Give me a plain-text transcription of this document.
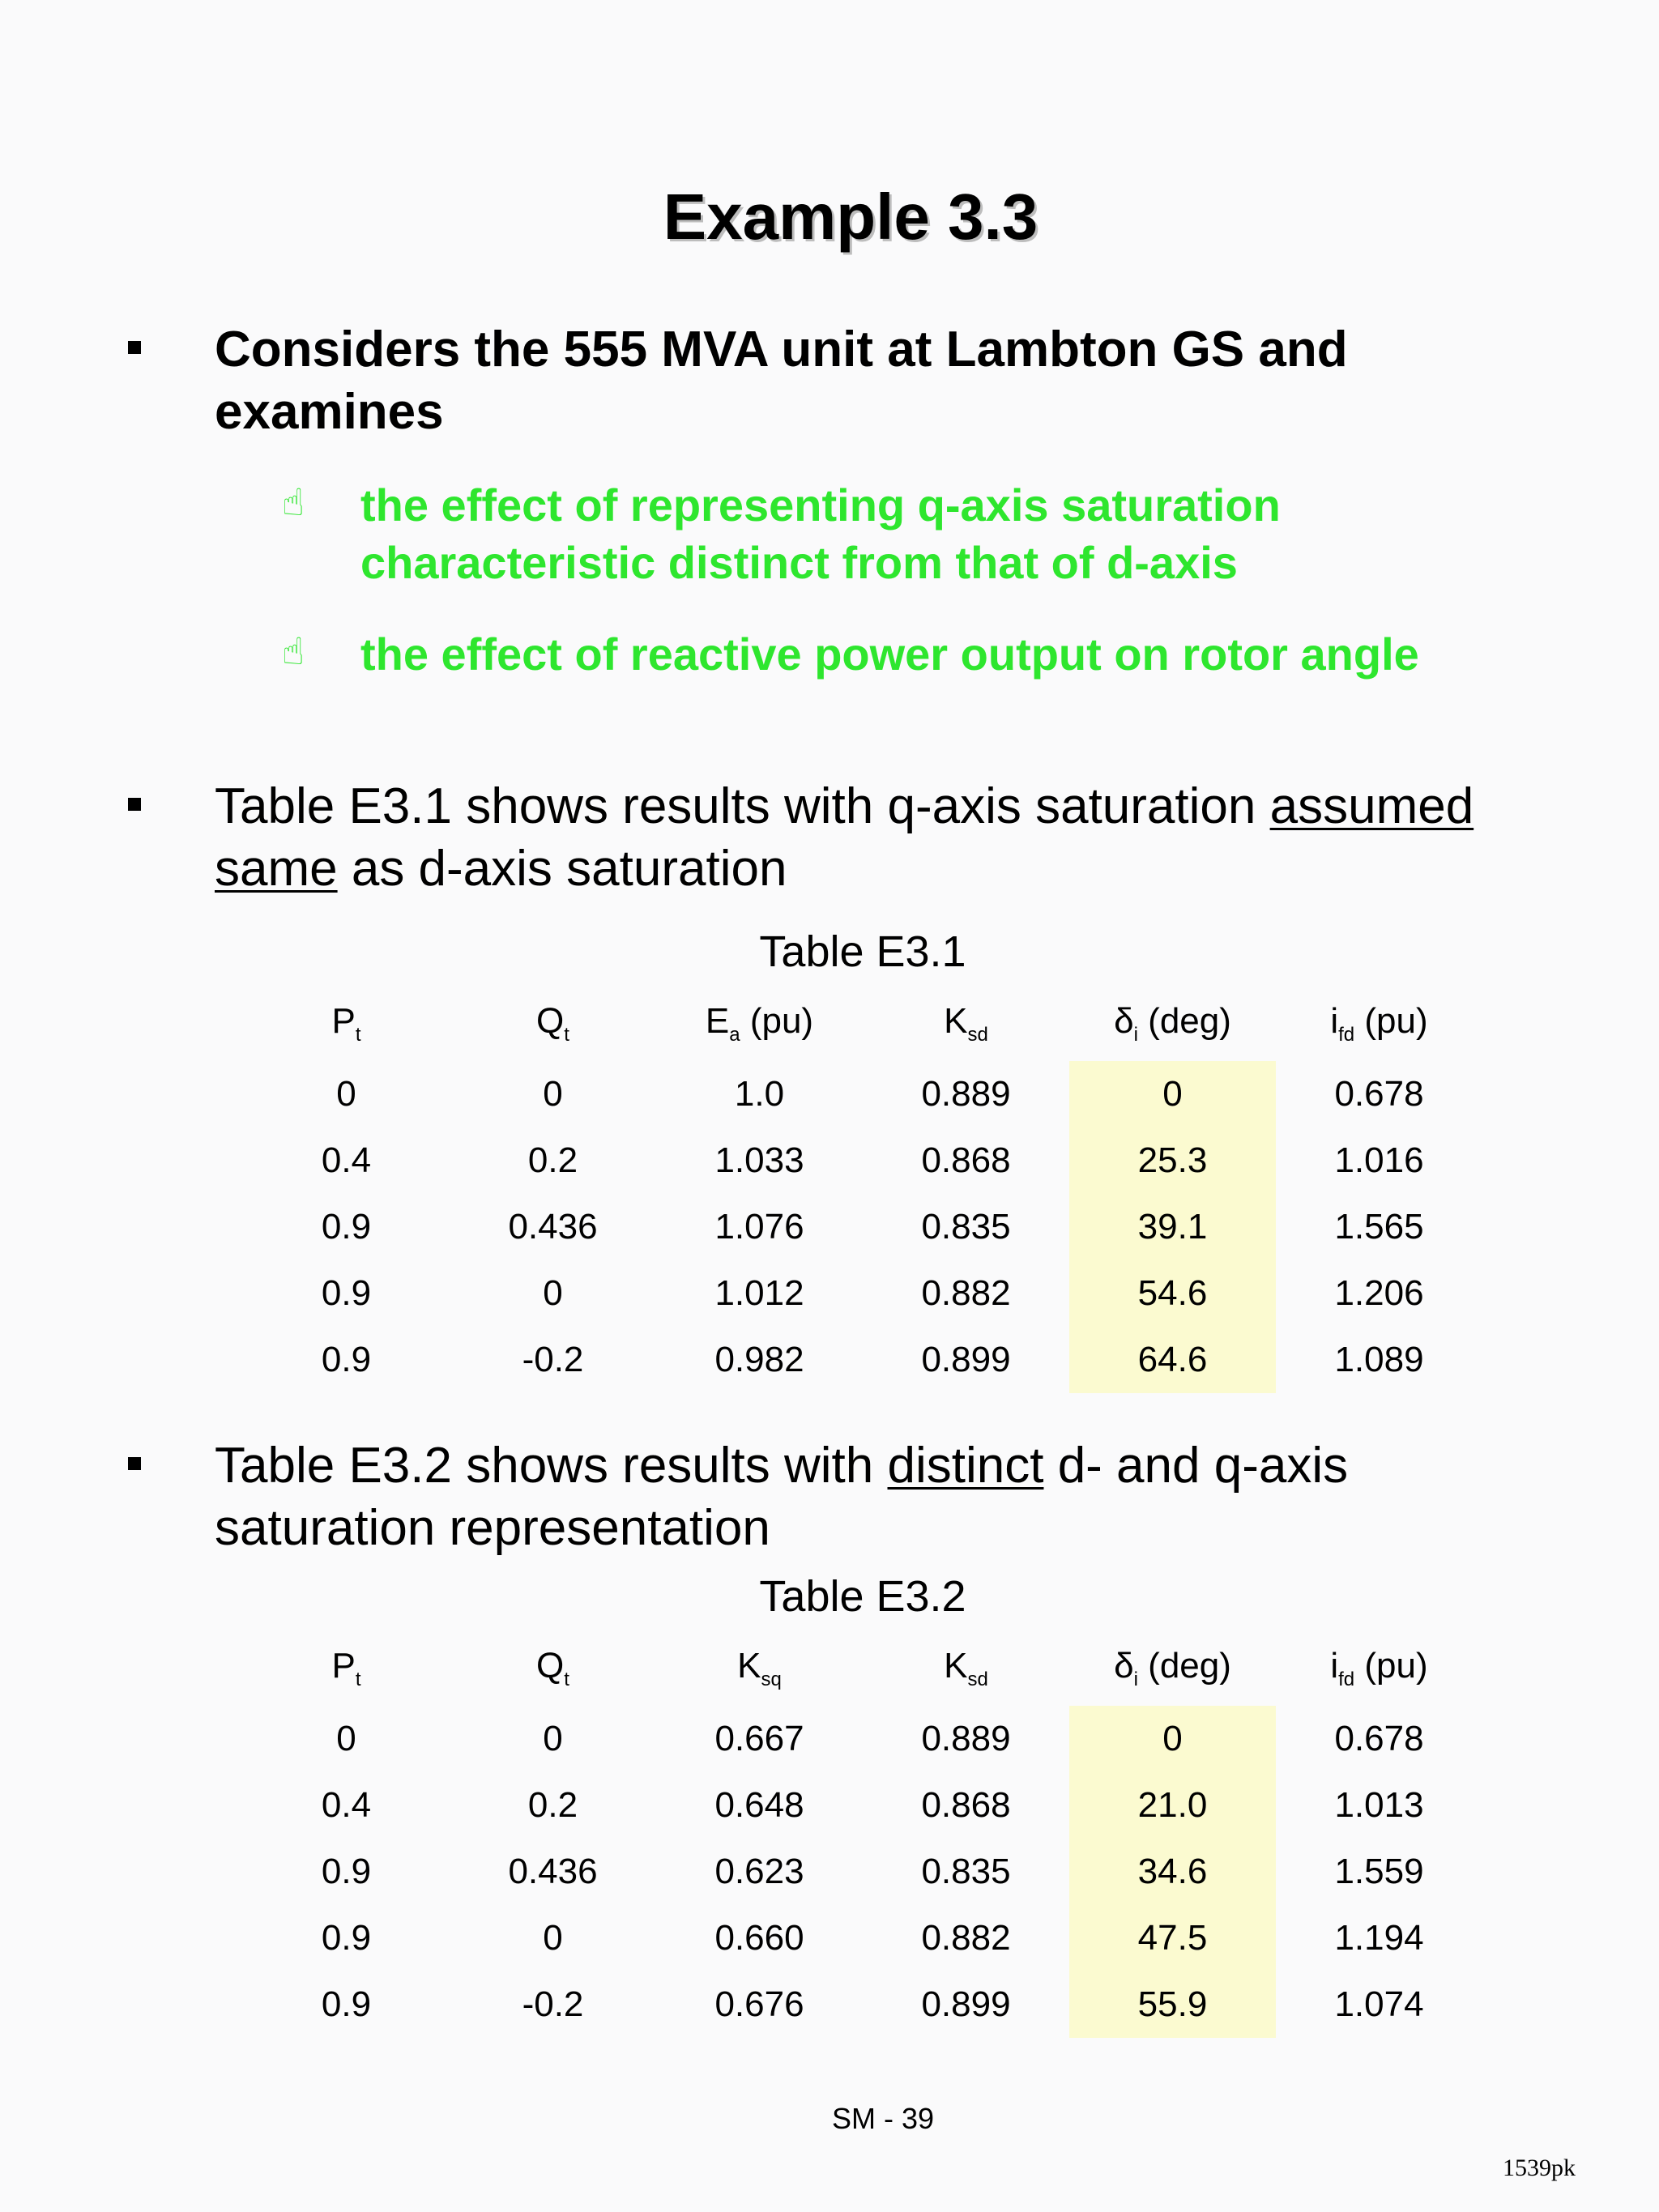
Example 3.3
Considers the 555 MVA unit at Lambton GS and
examines
☝ the effect of representing q-axis saturation
characteristic distinct from that of d-axis
☝ the effect of reactive power output on rotor angle
Table E3.1 shows results with q-axis saturation assumed
same as d-axis saturation
Table E3.1
$P_t$	$Q_t$	$E_a$ (pu)	$K_{sd}$	$\delta_i$ (deg)	$i_{fd}$ (pu)
0	0	1.0	0.889	0	0.678
0.4	0.2	1.033	0.868	25.3	1.016
0.9	0.436	1.076	0.835	39.1	1.565
0.9	0	1.012	0.882	54.6	1.206
0.9	-0.2	0.982	0.899	64.6	1.089
Table E3.2 shows results with distinct d- and q-axis
saturation representation
Table E3.2
$P_t$	$Q_t$	$K_{sq}$	$K_{sd}$	$\delta_i$ (deg)	$i_{fd}$ (pu)
0	0	0.667	0.889	0	0.678
0.4	0.2	0.648	0.868	21.0	1.013
0.9	0.436	0.623	0.835	34.6	1.559
0.9	0	0.660	0.882	47.5	1.194
0.9	-0.2	0.676	0.899	55.9	1.074
SM - 39
1539pk
